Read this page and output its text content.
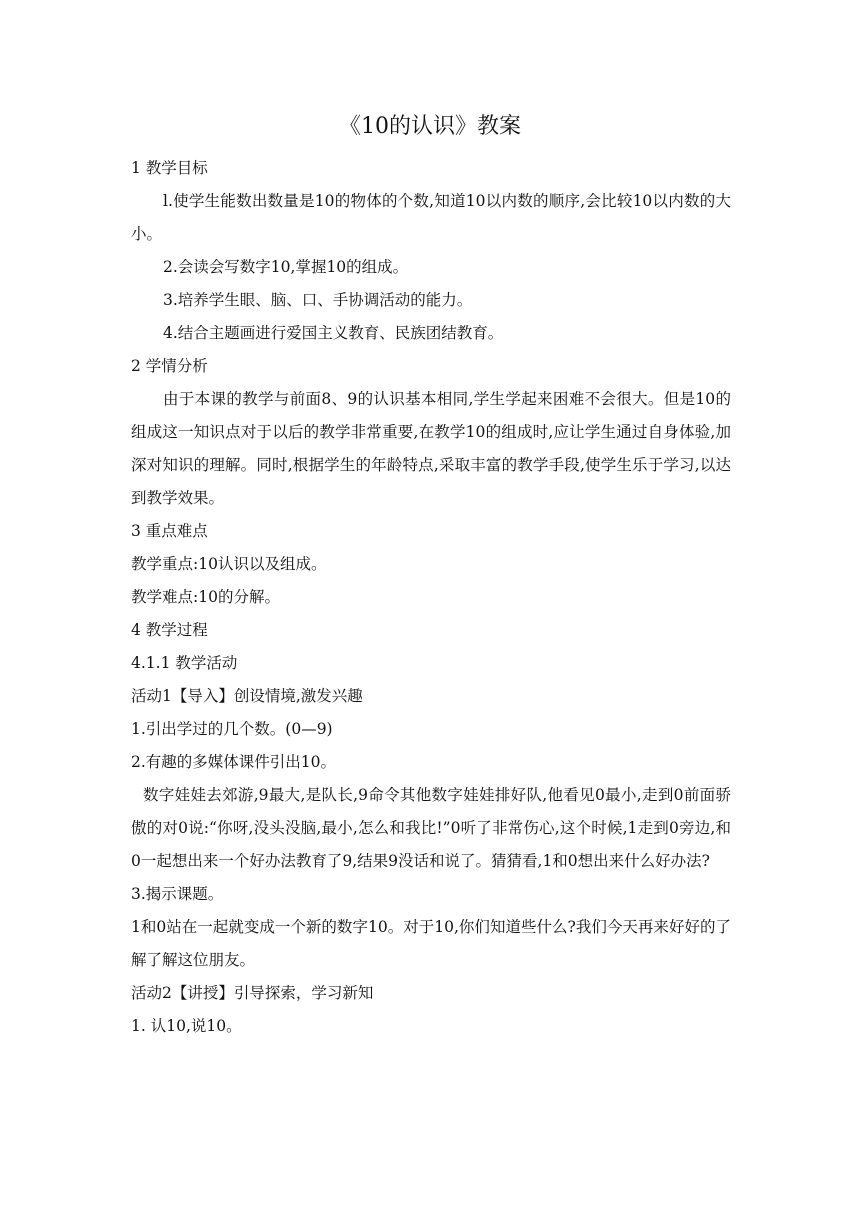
《10的认识》教案

1 教学目标

l.使学生能数出数量是10的物体的个数,知道10以内数的顺序,会比较10以内数的大小。

2.会读会写数字10,掌握10的组成。

3.培养学生眼、脑、口、手协调活动的能力。

4.结合主题画进行爱国主义教育、民族团结教育。

2 学情分析

由于本课的教学与前面8、9的认识基本相同,学生学起来困难不会很大。但是10的组成这一知识点对于以后的教学非常重要,在教学10的组成时,应让学生通过自身体验,加深对知识的理解。同时,根据学生的年龄特点,采取丰富的教学手段,使学生乐于学习,以达到教学效果。

3 重点难点

教学重点:10认识以及组成。

教学难点:10的分解。

4 教学过程

4.1.1 教学活动

活动1【导入】创设情境,激发兴趣

1.引出学过的几个数。(0—9)

2.有趣的多媒体课件引出10。

数字娃娃去郊游,9最大,是队长,9命令其他数字娃娃排好队,他看见0最小,走到0前面骄傲的对0说:“你呀,没头没脑,最小,怎么和我比!”0听了非常伤心,这个时候,1走到0旁边,和0一起想出来一个好办法教育了9,结果9没话和说了。猜猜看,1和0想出来什么好办法?

3.揭示课题。

1和0站在一起就变成一个新的数字10。对于10,你们知道些什么?我们今天再来好好的了解了解这位朋友。

活动2【讲授】引导探索，学习新知

1. 认10,说10。
